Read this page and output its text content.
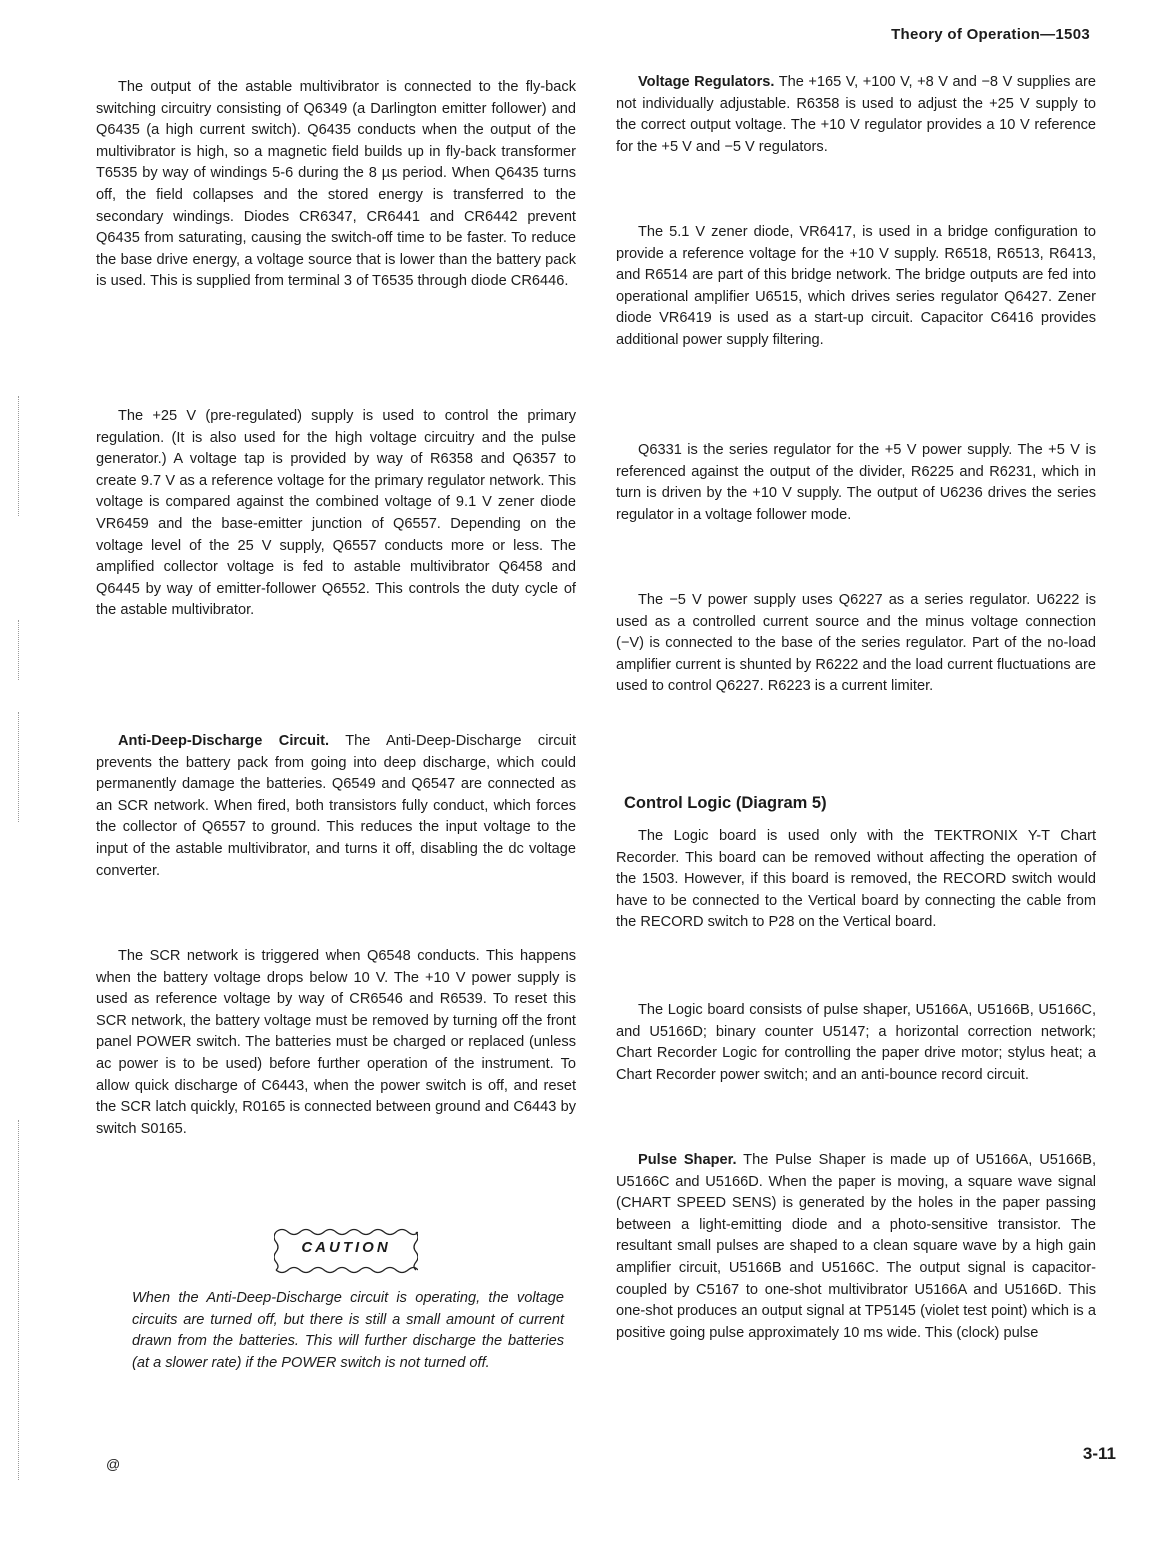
Theory of Operation—1503

The output of the astable multivibrator is connected to the fly-back switching circuitry consisting of Q6349 (a Darlington emitter follower) and Q6435 (a high current switch). Q6435 conducts when the output of the multivibrator is high, so a magnetic field builds up in fly-back transformer T6535 by way of windings 5-6 during the 8 µs period. When Q6435 turns off, the field collapses and the stored energy is transferred to the secondary windings. Diodes CR6347, CR6441 and CR6442 prevent Q6435 from saturating, causing the switch-off time to be faster. To reduce the base drive energy, a voltage source that is lower than the battery pack is used. This is supplied from terminal 3 of T6535 through diode CR6446.

The +25 V (pre-regulated) supply is used to control the primary regulation. (It is also used for the high voltage circuitry and the pulse generator.) A voltage tap is provided by way of R6358 and Q6357 to create 9.7 V as a reference voltage for the primary regulator network. This voltage is compared against the combined voltage of 9.1 V zener diode VR6459 and the base-emitter junction of Q6557. Depending on the voltage level of the 25 V supply, Q6557 conducts more or less. The amplified collector voltage is fed to astable multivibrator Q6458 and Q6445 by way of emitter-follower Q6552. This controls the duty cycle of the astable multivibrator.

Anti-Deep-Discharge Circuit. The Anti-Deep-Discharge circuit prevents the battery pack from going into deep discharge, which could permanently damage the batteries. Q6549 and Q6547 are connected as an SCR network. When fired, both transistors fully conduct, which forces the collector of Q6557 to ground. This reduces the input voltage to the input of the astable multivibrator, and turns it off, disabling the dc voltage converter.

The SCR network is triggered when Q6548 conducts. This happens when the battery voltage drops below 10 V. The +10 V power supply is used as reference voltage by way of CR6546 and R6539. To reset this SCR network, the battery voltage must be removed by turning off the front panel POWER switch. The batteries must be charged or replaced (unless ac power is to be used) before further operation of the instrument. To allow quick discharge of C6443, when the power switch is off, and reset the SCR latch quickly, R0165 is connected between ground and C6443 by switch S0165.

CAUTION
When the Anti-Deep-Discharge circuit is operating, the voltage circuits are turned off, but there is still a small amount of current drawn from the batteries. This will further discharge the batteries (at a slower rate) if the POWER switch is not turned off.

Voltage Regulators. The +165 V, +100 V, +8 V and −8 V supplies are not individually adjustable. R6358 is used to adjust the +25 V supply to the correct output voltage. The +10 V regulator provides a 10 V reference for the +5 V and −5 V regulators.

The 5.1 V zener diode, VR6417, is used in a bridge configuration to provide a reference voltage for the +10 V supply. R6518, R6513, R6413, and R6514 are part of this bridge network. The bridge outputs are fed into operational amplifier U6515, which drives series regulator Q6427. Zener diode VR6419 is used as a start-up circuit. Capacitor C6416 provides additional power supply filtering.

Q6331 is the series regulator for the +5 V power supply. The +5 V is referenced against the output of the divider, R6225 and R6231, which in turn is driven by the +10 V supply. The output of U6236 drives the series regulator in a voltage follower mode.

The −5 V power supply uses Q6227 as a series regulator. U6222 is used as a controlled current source and the minus voltage connection (−V) is connected to the base of the series regulator. Part of the no-load amplifier current is shunted by R6222 and the load current fluctuations are used to control Q6227. R6223 is a current limiter.

Control Logic (Diagram 5)

The Logic board is used only with the TEKTRONIX Y-T Chart Recorder. This board can be removed without affecting the operation of the 1503. However, if this board is removed, the RECORD switch would have to be connected to the Vertical board by connecting the cable from the RECORD switch to P28 on the Vertical board.

The Logic board consists of pulse shaper, U5166A, U5166B, U5166C, and U5166D; binary counter U5147; a horizontal correction network; Chart Recorder Logic for controlling the paper drive motor; stylus heat; a Chart Recorder power switch; and an anti-bounce record circuit.

Pulse Shaper. The Pulse Shaper is made up of U5166A, U5166B, U5166C and U5166D. When the paper is moving, a square wave signal (CHART SPEED SENS) is generated by the holes in the paper passing between a light-emitting diode and a photo-sensitive transistor. The resultant small pulses are shaped to a clean square wave by a high gain amplifier circuit, U5166B and U5166C. The output signal is capacitor-coupled by C5167 to one-shot multivibrator U5166A and U5166D. This one-shot produces an output signal at TP5145 (violet test point) which is a positive going pulse approximately 10 ms wide. This (clock) pulse

@
3-11
